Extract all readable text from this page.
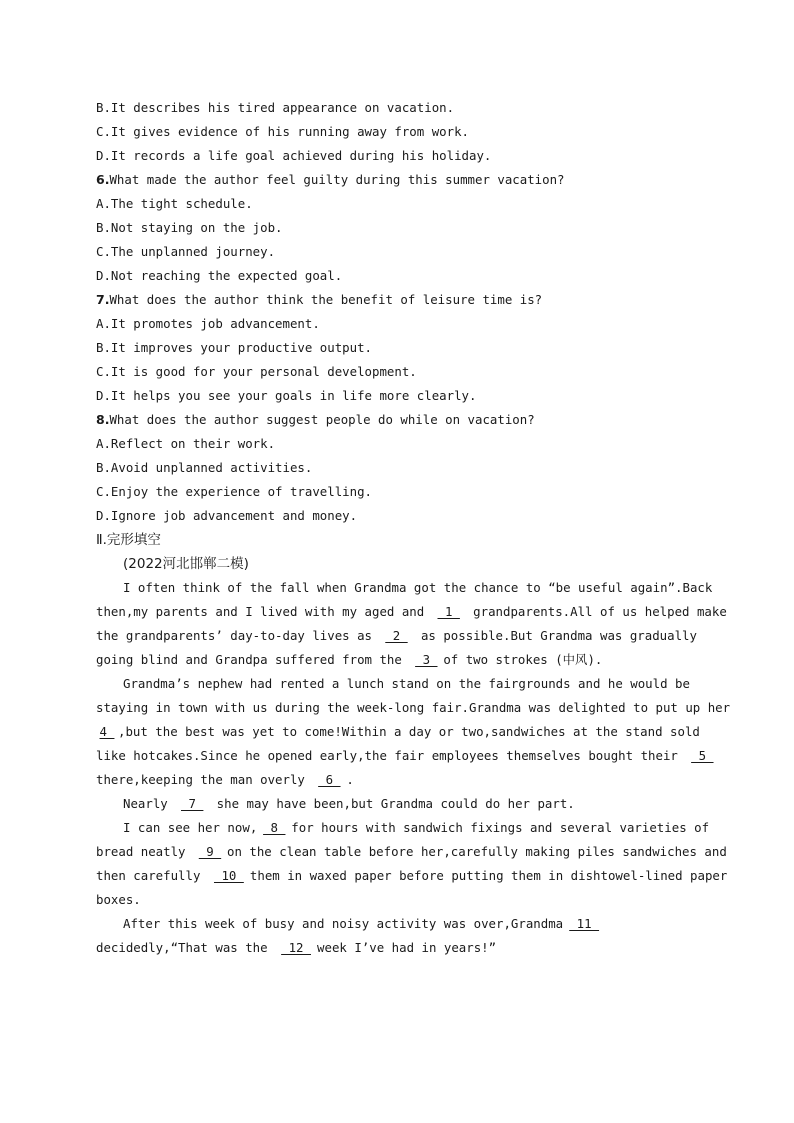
B.It describes his tired appearance on vacation.
C.It gives evidence of his running away from work.
D.It records a life goal achieved during his holiday.
6.What made the author feel guilty during this summer vacation?
A.The tight schedule.
B.Not staying on the job.
C.The unplanned journey.
D.Not reaching the expected goal.
7.What does the author think the benefit of leisure time is?
A.It promotes job advancement.
B.It improves your productive output.
C.It is good for your personal development.
D.It helps you see your goals in life more clearly.
8.What does the author suggest people do while on vacation?
A.Reflect on their work.
B.Avoid unplanned activities.
C.Enjoy the experience of travelling.
D.Ignore job advancement and money.
Ⅱ.完形填空
(2022河北邯郸二模)
I often think of the fall when Grandma got the chance to “be useful again”.Back
then,my parents and I lived with my aged and  1  grandparents.All of us helped make
the grandparents’ day-to-day lives as  2  as possible.But Grandma was gradually
going blind and Grandpa suffered from the  3 of two strokes (中风).
Grandma’s nephew had rented a lunch stand on the fairgrounds and he would be
staying in town with us during the week-long fair.Grandma was delighted to put up her
4 ,but the best was yet to come!Within a day or two,sandwiches at the stand sold
like hotcakes.Since he opened early,the fair employees themselves bought their  5
there,keeping the man overly  6 .
Nearly  7  she may have been,but Grandma could do her part.
I can see her now, 8 for hours with sandwich fixings and several varieties of
bread neatly  9 on the clean table before her,carefully making piles sandwiches and
then carefully  10 them in waxed paper before putting them in dishtowel-lined paper
boxes.
After this week of busy and noisy activity was over,Grandma 11
decidedly,“That was the  12 week I’ve had in years!”
